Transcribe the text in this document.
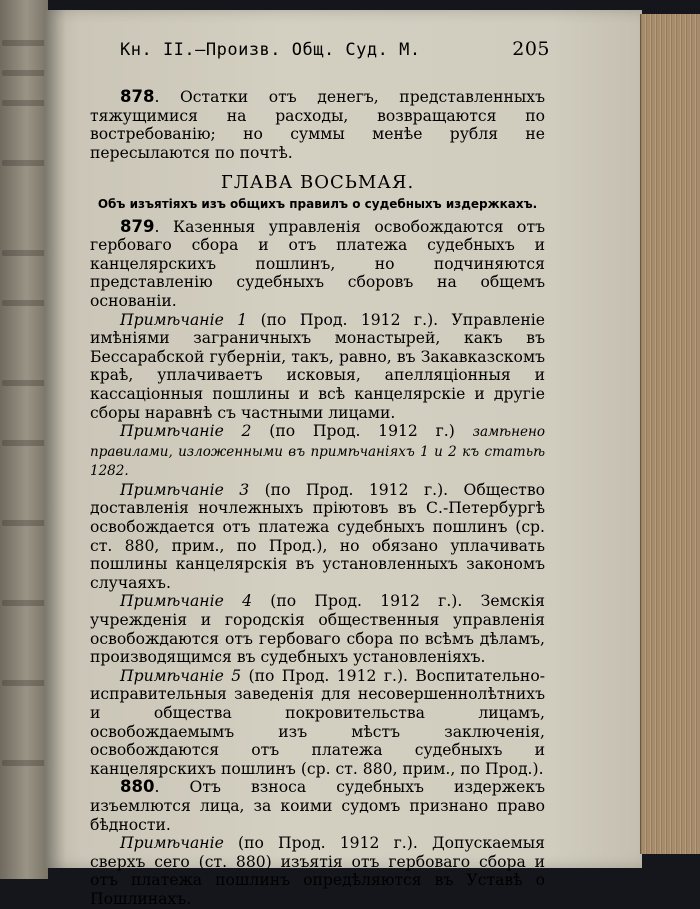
Кн. II.—Произв. Общ. Суд. М.	205

878. Остатки отъ денегъ, представленныхъ тяжущимися на расходы, возвращаются по востребованію; но суммы менѣе рубля не пересылаются по почтѣ.

ГЛАВА ВОСЬМАЯ.

Объ изъятіяхъ изъ общихъ правилъ о судебныхъ издержкахъ.

879. Казенныя управленія освобождаются отъ гербоваго сбора и отъ платежа судебныхъ и канцелярскихъ пошлинъ, но подчиняются представленію судебныхъ сборовъ на общемъ основаніи.

Примѣчаніе 1 (по Прод. 1912 г.). Управленіе имѣніями заграничныхъ монастырей, какъ въ Бессарабской губерніи, такъ, равно, въ Закавказскомъ краѣ, уплачиваетъ исковыя, апелляціонныя и кассаціонныя пошлины и всѣ канцелярскіе и другіе сборы наравнѣ съ частными лицами.

Примѣчаніе 2 (по Прод. 1912 г.) замѣнено правилами, изложенными въ примѣчаніяхъ 1 и 2 къ статьѣ 1282.

Примѣчаніе 3 (по Прод. 1912 г.). Общество доставленія ночлежныхъ пріютовъ въ С.-Петербургѣ освобождается отъ платежа судебныхъ пошлинъ (ср. ст. 880, прим., по Прод.), но обязано уплачивать пошлины канцелярскія въ установленныхъ закономъ случаяхъ.

Примѣчаніе 4 (по Прод. 1912 г.). Земскія учрежденія и городскія общественныя управленія освобождаются отъ гербоваго сбора по всѣмъ дѣламъ, производящимся въ судебныхъ установленіяхъ.

Примѣчаніе 5 (по Прод. 1912 г.). Воспитательно-исправительныя заведенія для несовершеннолѣтнихъ и общества покровительства лицамъ, освобождаемымъ изъ мѣстъ заключенія, освобождаются отъ платежа судебныхъ и канцелярскихъ пошлинъ (ср. ст. 880, прим., по Прод.).

880. Отъ взноса судебныхъ издержекъ изъемлются лица, за коими судомъ признано право бѣдности.

Примѣчаніе (по Прод. 1912 г.). Допускаемыя сверхъ сего (ст. 880) изъятія отъ гербоваго сбора и отъ платежа пошлинъ опредѣляются въ Уставѣ о Пошлинахъ.
